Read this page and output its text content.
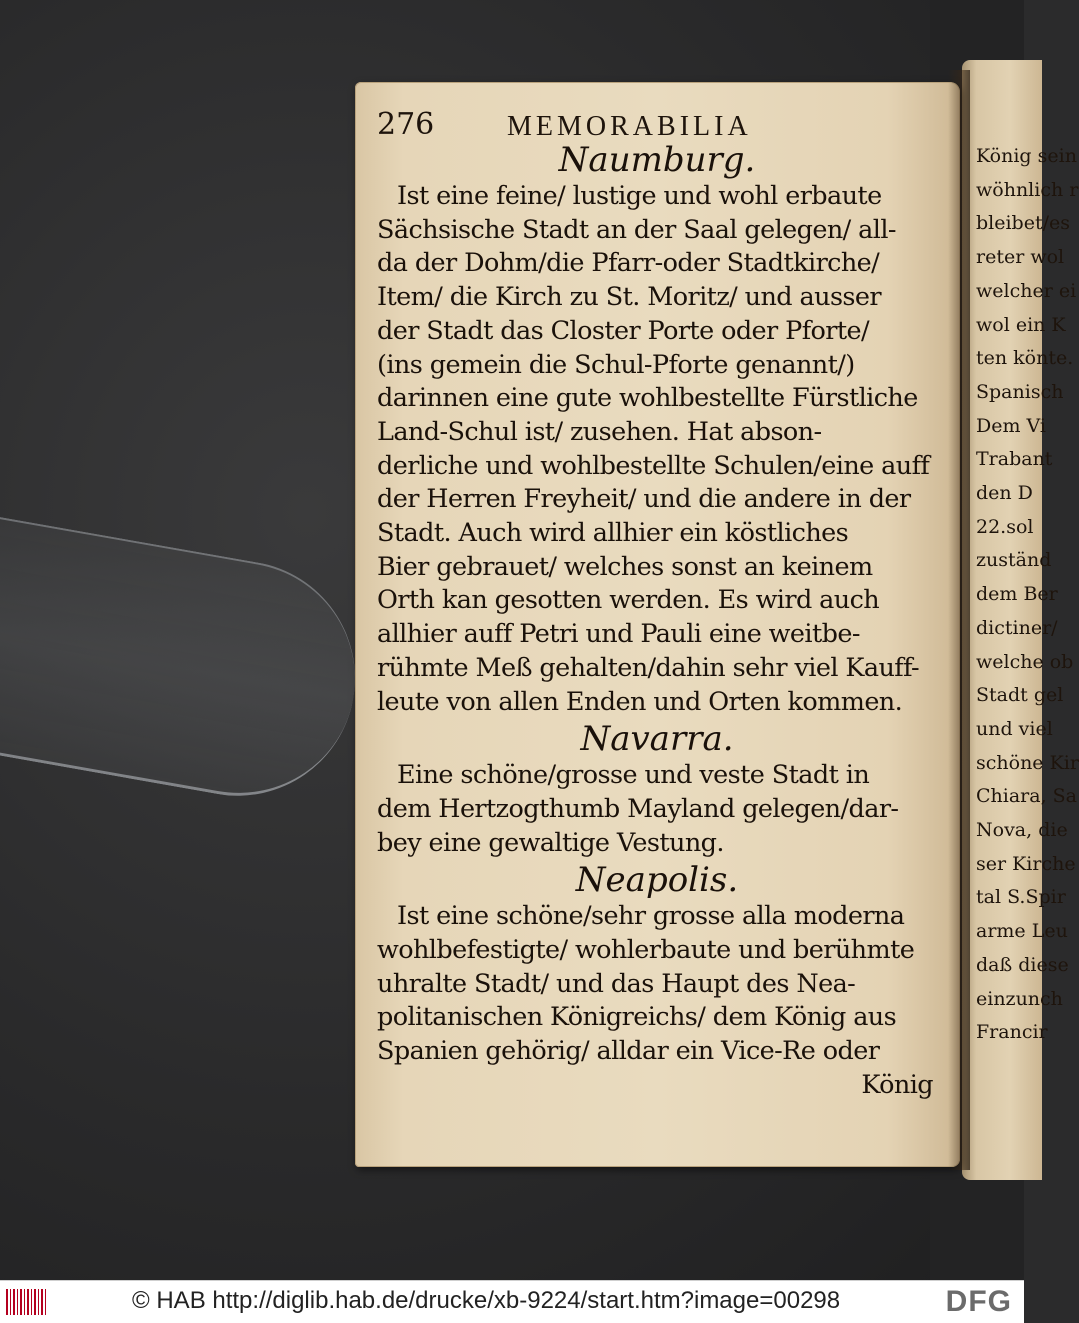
König sein
wöhnlich r
bleibet/es
reter wol
welcher ei
wol ein K
ten könte.
Spanisch
Dem Vi
Trabant
den D
22.sol
zuständ
dem Ber
dictiner/
welche ob
Stadt gel
und viel
schöne Kir
Chiara, Sa
Nova, die
ser Kirche
tal S.Spir
arme Leu
daß diese
einzunch
Francir
276	MEMORABILIA
Naumburg.
Ist eine feine/ lustige und wohl erbaute
Sächsische Stadt an der Saal gelegen/ all-
da der Dohm/die Pfarr-oder Stadtkirche/
Item/ die Kirch zu St. Moritz/ und ausser
der Stadt das Closter Porte oder Pforte/
(ins gemein die Schul-Pforte genannt/)
darinnen eine gute wohlbestellte Fürstliche
Land-Schul ist/ zusehen. Hat abson-
derliche und wohlbestellte Schulen/eine auff
der Herren Freyheit/ und die andere in der
Stadt. Auch wird allhier ein köstliches
Bier gebrauet/ welches sonst an keinem
Orth kan gesotten werden. Es wird auch
allhier auff Petri und Pauli eine weitbe-
rühmte Meß gehalten/dahin sehr viel Kauff-
leute von allen Enden und Orten kommen.
Navarra.
Eine schöne/grosse und veste Stadt in
dem Hertzogthumb Mayland gelegen/dar-
bey eine gewaltige Vestung.
Neapolis.
Ist eine schöne/sehr grosse alla moderna
wohlbefestigte/ wohlerbaute und berühmte
uhralte Stadt/ und das Haupt des Nea-
politanischen Königreichs/ dem König aus
Spanien gehörig/ alldar ein Vice-Re oder
König
© HAB http://diglib.hab.de/drucke/xb-9224/start.htm?image=00298	DFG
